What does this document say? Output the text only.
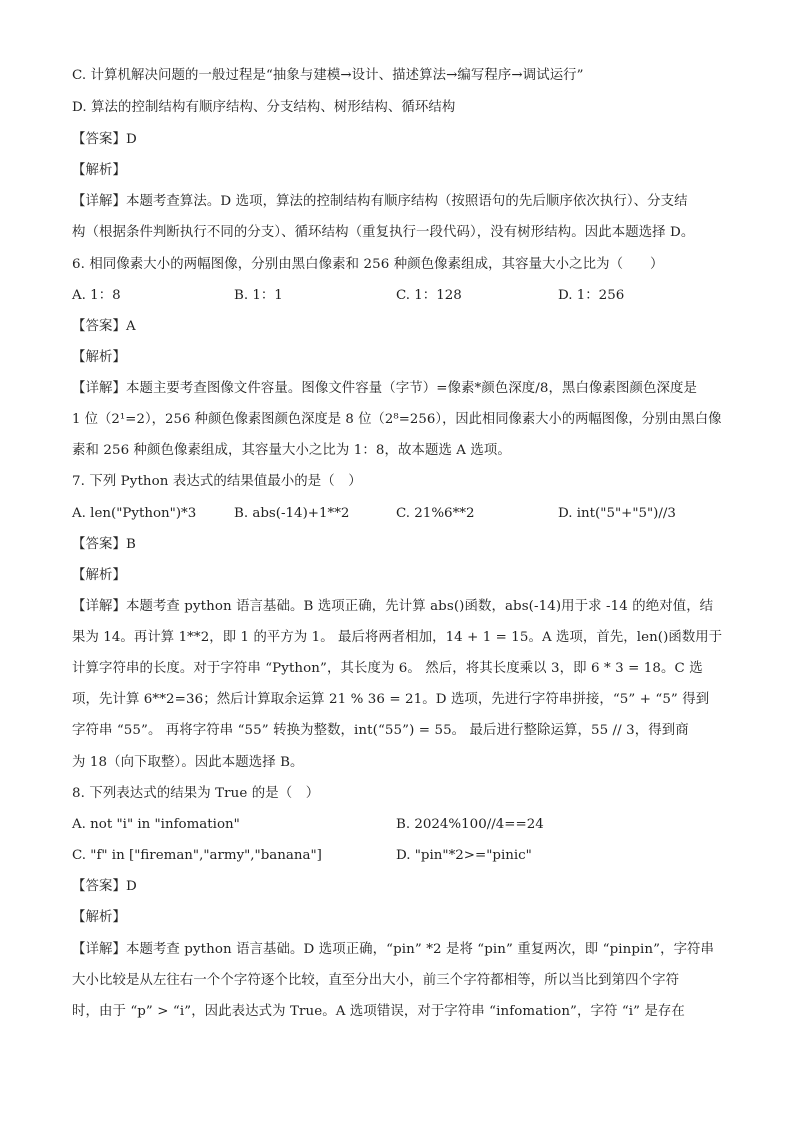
C. 计算机解决问题的一般过程是“抽象与建模→设计、描述算法→编写程序→调试运行”
D. 算法的控制结构有顺序结构、分支结构、树形结构、循环结构
【答案】D
【解析】
【详解】本题考查算法。D 选项，算法的控制结构有顺序结构（按照语句的先后顺序依次执行）、分支结
构（根据条件判断执行不同的分支）、循环结构（重复执行一段代码），没有树形结构。因此本题选择 D。
6. 相同像素大小的两幅图像，分别由黑白像素和 256 种颜色像素组成，其容量大小之比为（　　）
A. 1：8	B. 1：1	C. 1：128	D. 1：256
【答案】A
【解析】
【详解】本题主要考查图像文件容量。图像文件容量（字节）=像素*颜色深度/8，黑白像素图颜色深度是
1 位（2¹=2），256 种颜色像素图颜色深度是 8 位（2⁸=256），因此相同像素大小的两幅图像，分别由黑白像
素和 256 种颜色像素组成，其容量大小之比为 1：8，故本题选 A 选项。
7. 下列 Python 表达式的结果值最小的是（　）
A. len("Python")*3	B. abs(-14)+1**2	C. 21%6**2	D. int("5"+"5")//3
【答案】B
【解析】
【详解】本题考查 python 语言基础。B 选项正确，先计算 abs()函数，abs(-14)用于求 -14 的绝对值，结
果为 14。再计算 1**2，即 1 的平方为 1。 最后将两者相加，14 + 1 = 15。A 选项，首先，len()函数用于
计算字符串的长度。对于字符串 “Python”，其长度为 6。 然后，将其长度乘以 3，即 6 * 3 = 18。C 选
项，先计算 6**2=36；然后计算取余运算 21 % 36 = 21。D 选项，先进行字符串拼接，“5” + “5” 得到
字符串 “55”。 再将字符串 “55” 转换为整数，int(“55”) = 55。 最后进行整除运算，55 // 3，得到商
为 18（向下取整）。因此本题选择 B。
8. 下列表达式的结果为 True 的是（　）
A. not "i" in "infomation"	B. 2024%100//4==24
C. "f" in ["fireman","army","banana"]	D. "pin"*2>="pinic"
【答案】D
【解析】
【详解】本题考查 python 语言基础。D 选项正确，“pin” *2 是将 “pin” 重复两次，即 “pinpin”，字符串
大小比较是从左往右一个个字符逐个比较，直至分出大小，前三个字符都相等，所以当比到第四个字符
时，由于 “p” > “i”，因此表达式为 True。A 选项错误，对于字符串 “infomation”，字符 “i” 是存在
